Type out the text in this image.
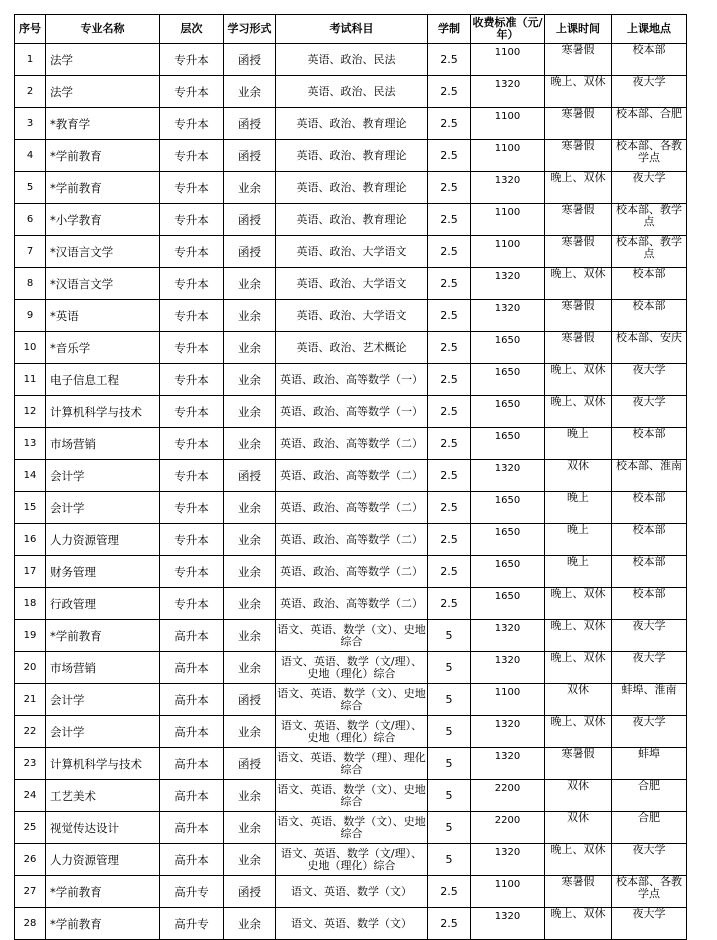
序号	专业名称	层次	学习形式	考试科目	学制	收费标准（元/年）	上课时间	上课地点
1	法学	专升本	函授	英语、政治、民法	2.5	1100	寒暑假	校本部
2	法学	专升本	业余	英语、政治、民法	2.5	1320	晚上、双休	夜大学
3	*教育学	专升本	函授	英语、政治、教育理论	2.5	1100	寒暑假	校本部、合肥
4	*学前教育	专升本	函授	英语、政治、教育理论	2.5	1100	寒暑假	校本部、各教学点
5	*学前教育	专升本	业余	英语、政治、教育理论	2.5	1320	晚上、双休	夜大学
6	*小学教育	专升本	函授	英语、政治、教育理论	2.5	1100	寒暑假	校本部、教学点
7	*汉语言文学	专升本	函授	英语、政治、大学语文	2.5	1100	寒暑假	校本部、教学点
8	*汉语言文学	专升本	业余	英语、政治、大学语文	2.5	1320	晚上、双休	校本部
9	*英语	专升本	业余	英语、政治、大学语文	2.5	1320	寒暑假	校本部
10	*音乐学	专升本	业余	英语、政治、艺术概论	2.5	1650	寒暑假	校本部、安庆
11	电子信息工程	专升本	业余	英语、政治、高等数学（一）	2.5	1650	晚上、双休	夜大学
12	计算机科学与技术	专升本	业余	英语、政治、高等数学（一）	2.5	1650	晚上、双休	夜大学
13	市场营销	专升本	业余	英语、政治、高等数学（二）	2.5	1650	晚上	校本部
14	会计学	专升本	函授	英语、政治、高等数学（二）	2.5	1320	双休	校本部、淮南
15	会计学	专升本	业余	英语、政治、高等数学（二）	2.5	1650	晚上	校本部
16	人力资源管理	专升本	业余	英语、政治、高等数学（二）	2.5	1650	晚上	校本部
17	财务管理	专升本	业余	英语、政治、高等数学（二）	2.5	1650	晚上	校本部
18	行政管理	专升本	业余	英语、政治、高等数学（二）	2.5	1650	晚上、双休	校本部
19	*学前教育	高升本	业余	语文、英语、数学（文）、史地综合	5	1320	晚上、双休	夜大学
20	市场营销	高升本	业余	语文、英语、数学（文/理）、史地（理化）综合	5	1320	晚上、双休	夜大学
21	会计学	高升本	函授	语文、英语、数学（文）、史地综合	5	1100	双休	蚌埠、淮南
22	会计学	高升本	业余	语文、英语、数学（文/理）、史地（理化）综合	5	1320	晚上、双休	夜大学
23	计算机科学与技术	高升本	函授	语文、英语、数学（理）、理化综合	5	1320	寒暑假	蚌埠
24	工艺美术	高升本	业余	语文、英语、数学（文）、史地综合	5	2200	双休	合肥
25	视觉传达设计	高升本	业余	语文、英语、数学（文）、史地综合	5	2200	双休	合肥
26	人力资源管理	高升本	业余	语文、英语、数学（文/理）、史地（理化）综合	5	1320	晚上、双休	夜大学
27	*学前教育	高升专	函授	语文、英语、数学（文）	2.5	1100	寒暑假	校本部、各教学点
28	*学前教育	高升专	业余	语文、英语、数学（文）	2.5	1320	晚上、双休	夜大学
